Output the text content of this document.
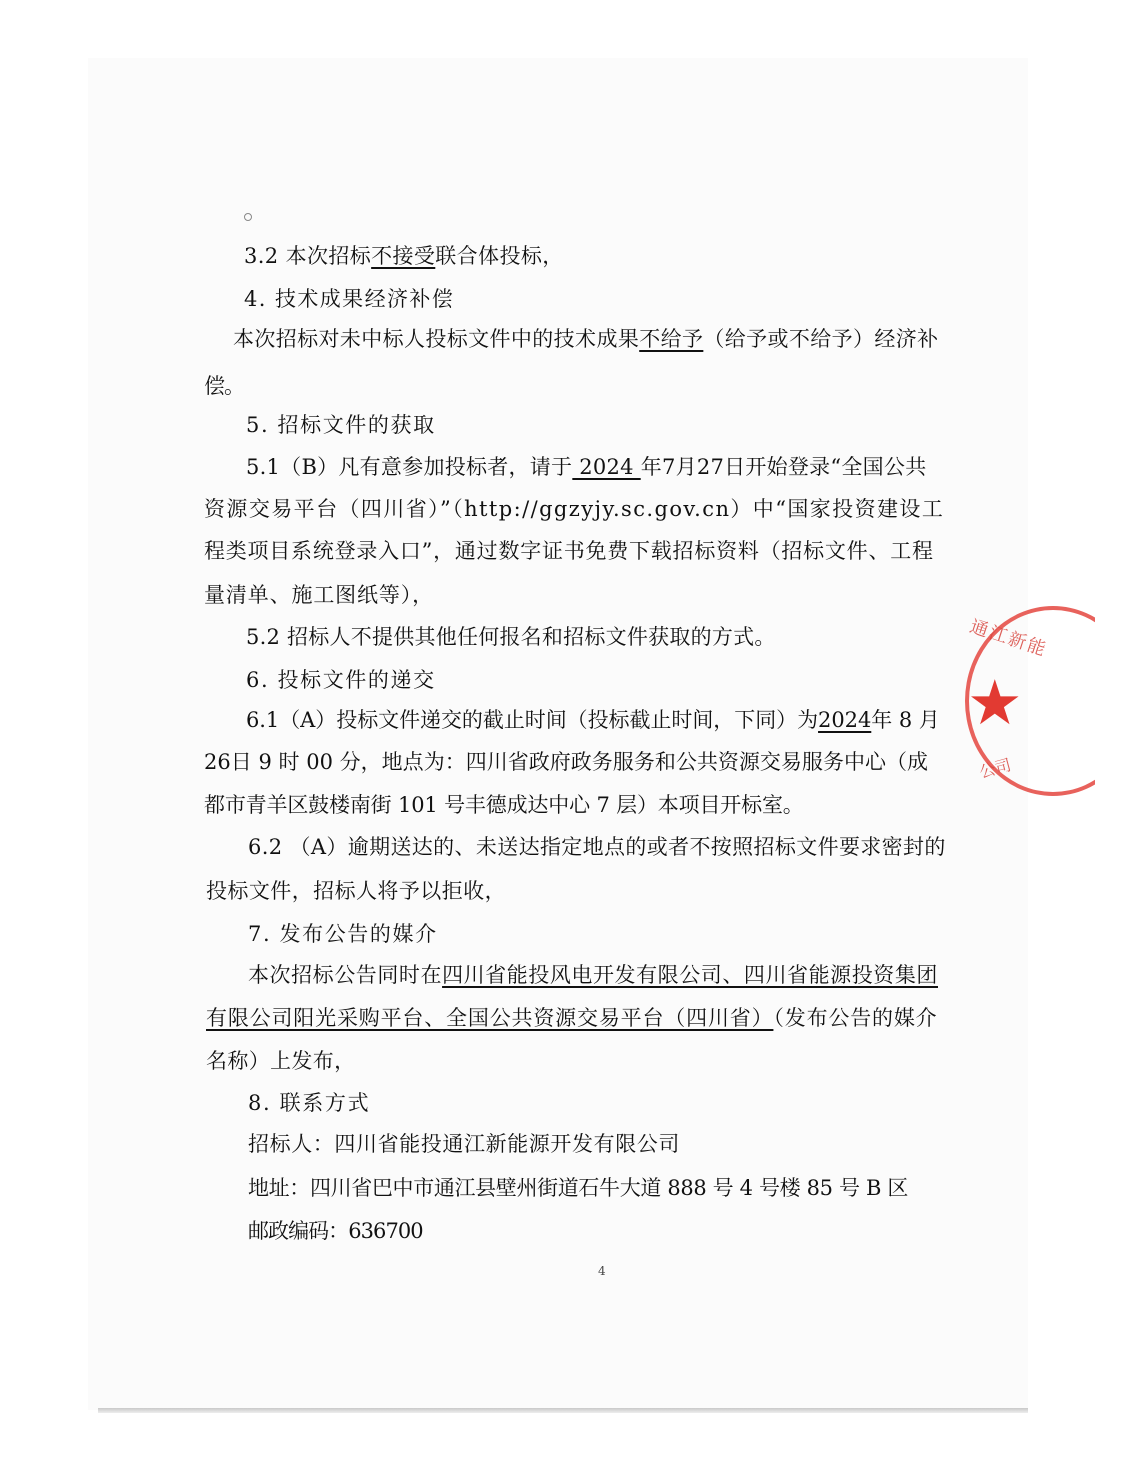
3.2 本次招标不接受联合体投标，
4. 技术成果经济补偿
本次招标对未中标人投标文件中的技术成果不给予（给予或不给予）经济补
偿。
5. 招标文件的获取
5.1（B）凡有意参加投标者，请于 2024 年7月27日开始登录“全国公共
资源交易平台（四川省）”（http://ggzyjy.sc.gov.cn）中“国家投资建设工
程类项目系统登录入口”，通过数字证书免费下载招标资料（招标文件、工程
量清单、施工图纸等），
5.2 招标人不提供其他任何报名和招标文件获取的方式。
6. 投标文件的递交
6.1（A）投标文件递交的截止时间（投标截止时间，下同）为2024年 8 月
26日 9 时 00 分，地点为：四川省政府政务服务和公共资源交易服务中心（成
都市青羊区鼓楼南街 101 号丰德成达中心 7 层）本项目开标室。
6.2 （A）逾期送达的、未送达指定地点的或者不按照招标文件要求密封的
投标文件，招标人将予以拒收，
7. 发布公告的媒介
本次招标公告同时在四川省能投风电开发有限公司、四川省能源投资集团
有限公司阳光采购平台、全国公共资源交易平台（四川省）（发布公告的媒介
名称）上发布，
8. 联系方式
招标人：四川省能投通江新能源开发有限公司
地址：四川省巴中市通江县壁州街道石牛大道 888 号 4 号楼 85 号 B 区
邮政编码：636700
4
通江新能
★
公司
